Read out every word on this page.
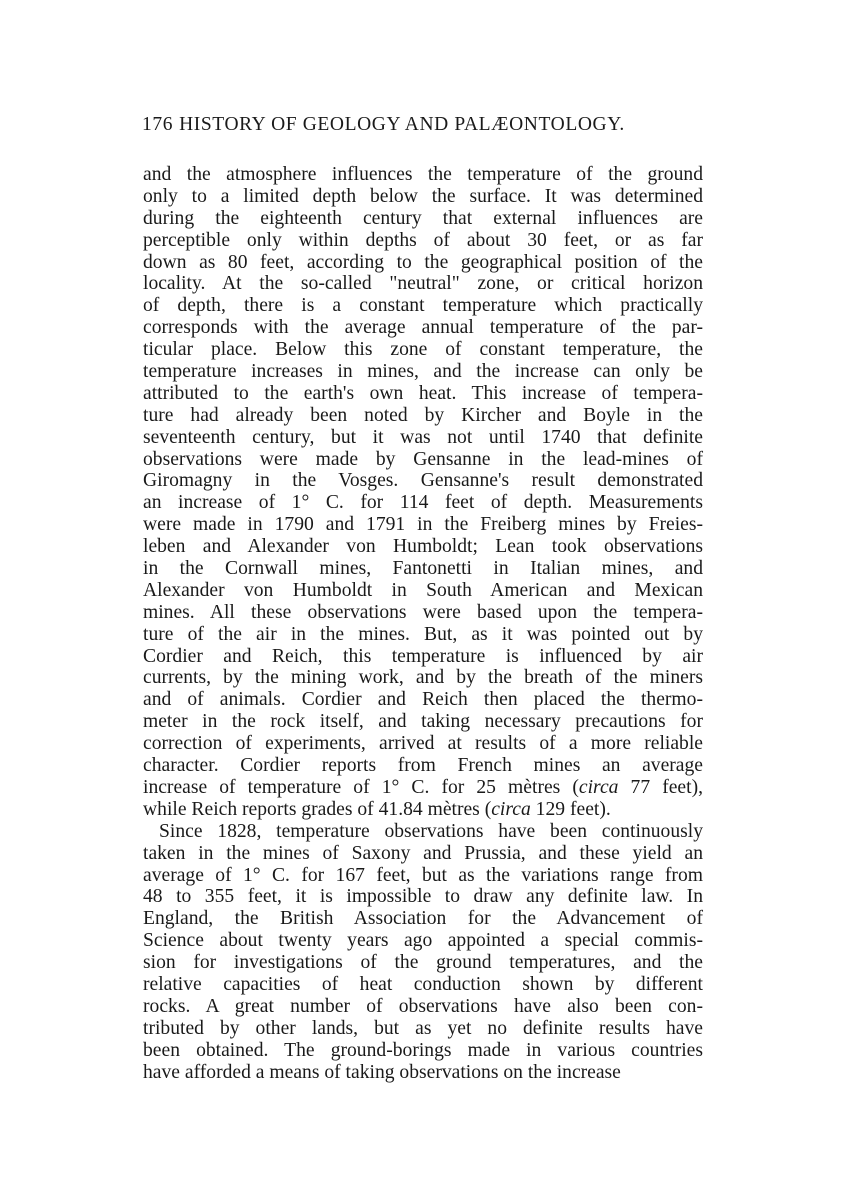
176 HISTORY OF GEOLOGY AND PALÆONTOLOGY.
and the atmosphere influences the temperature of the ground
only to a limited depth below the surface. It was determined
during the eighteenth century that external influences are
perceptible only within depths of about 30 feet, or as far
down as 80 feet, according to the geographical position of the
locality. At the so-called "neutral" zone, or critical horizon
of depth, there is a constant temperature which practically
corresponds with the average annual temperature of the par-
ticular place. Below this zone of constant temperature, the
temperature increases in mines, and the increase can only be
attributed to the earth's own heat. This increase of tempera-
ture had already been noted by Kircher and Boyle in the
seventeenth century, but it was not until 1740 that definite
observations were made by Gensanne in the lead-mines of
Giromagny in the Vosges. Gensanne's result demonstrated
an increase of 1° C. for 114 feet of depth. Measurements
were made in 1790 and 1791 in the Freiberg mines by Freies-
leben and Alexander von Humboldt; Lean took observations
in the Cornwall mines, Fantonetti in Italian mines, and
Alexander von Humboldt in South American and Mexican
mines. All these observations were based upon the tempera-
ture of the air in the mines. But, as it was pointed out by
Cordier and Reich, this temperature is influenced by air
currents, by the mining work, and by the breath of the miners
and of animals. Cordier and Reich then placed the thermo-
meter in the rock itself, and taking necessary precautions for
correction of experiments, arrived at results of a more reliable
character. Cordier reports from French mines an average
increase of temperature of 1° C. for 25 mètres (circa 77 feet),
while Reich reports grades of 41.84 mètres (circa 129 feet).
Since 1828, temperature observations have been continuously
taken in the mines of Saxony and Prussia, and these yield an
average of 1° C. for 167 feet, but as the variations range from
48 to 355 feet, it is impossible to draw any definite law. In
England, the British Association for the Advancement of
Science about twenty years ago appointed a special commis-
sion for investigations of the ground temperatures, and the
relative capacities of heat conduction shown by different
rocks. A great number of observations have also been con-
tributed by other lands, but as yet no definite results have
been obtained. The ground-borings made in various countries
have afforded a means of taking observations on the increase
